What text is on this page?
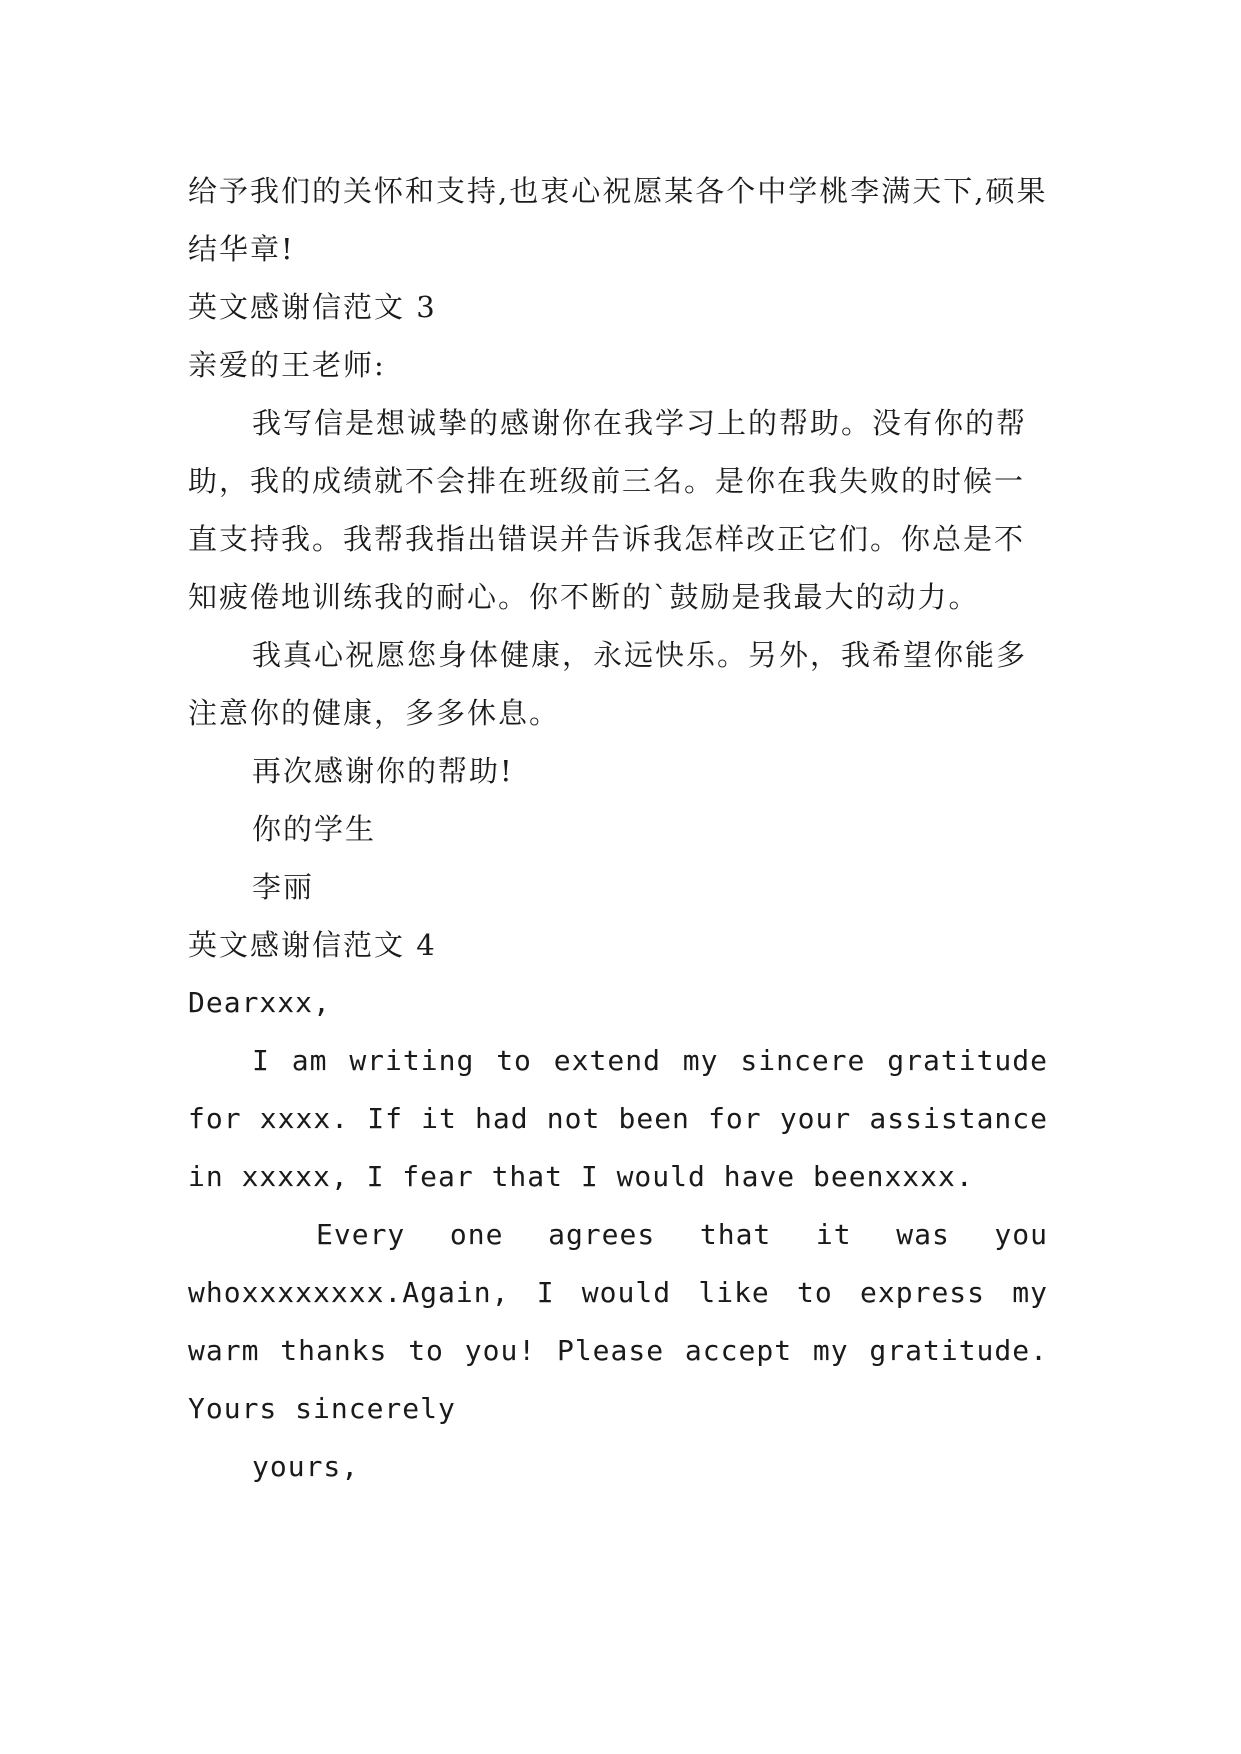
给予我们的关怀和支持,也衷心祝愿某各个中学桃李满天下,硕果结华章!

英文感谢信范文 3

亲爱的王老师:

我写信是想诚挚的感谢你在我学习上的帮助。没有你的帮助，我的成绩就不会排在班级前三名。是你在我失败的时候一直支持我。我帮我指出错误并告诉我怎样改正它们。你总是不知疲倦地训练我的耐心。你不断的`鼓励是我最大的动力。

我真心祝愿您身体健康，永远快乐。另外，我希望你能多注意你的健康，多多休息。

再次感谢你的帮助!

你的学生

李丽

英文感谢信范文 4

Dearxxx,

I am writing to extend my sincere gratitude for xxxx. If it had not been for your assistance in xxxxx, I fear that I would have beenxxxx.

Every one agrees that it was you whoxxxxxxxx.Again, I would like to express my warm thanks to you! Please accept my gratitude. Yours sincerely

yours,
